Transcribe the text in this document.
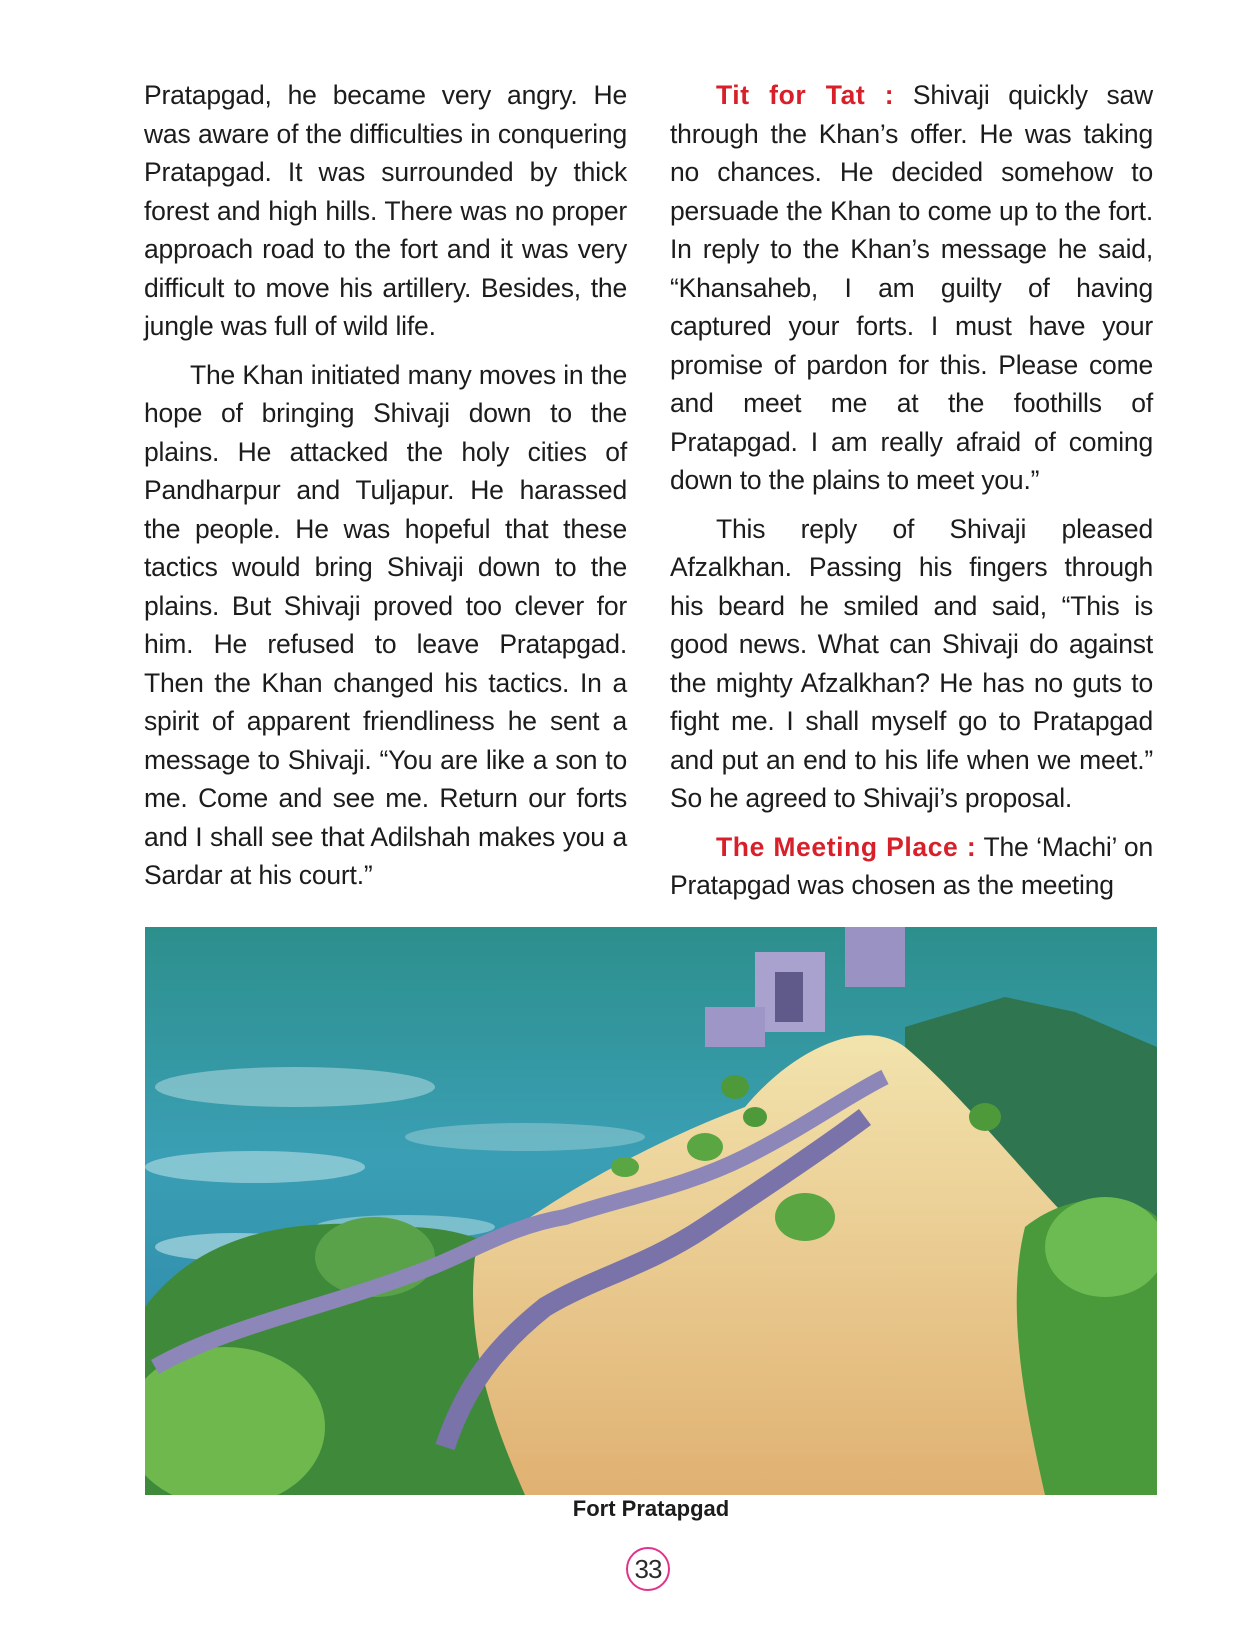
Pratapgad, he became very angry. He was aware of the difficulties in conquering Pratapgad. It was surrounded by thick forest and high hills. There was no proper approach road to the fort and it was very difficult to move his artillery. Besides, the jungle was full of wild life.

The Khan initiated many moves in the hope of bringing Shivaji down to the plains. He attacked the holy cities of Pandharpur and Tuljapur. He harassed the people. He was hopeful that these tactics would bring Shivaji down to the plains. But Shivaji proved too clever for him. He refused to leave Pratapgad. Then the Khan changed his tactics. In a spirit of apparent friendliness he sent a message to Shivaji. “You are like a son to me. Come and see me. Return our forts and I shall see that Adilshah makes you a Sardar at his court.”

Tit for Tat : Shivaji quickly saw through the Khan’s offer. He was taking no chances. He decided somehow to persuade the Khan to come up to the fort. In reply to the Khan’s message he said, “Khansaheb, I am guilty of having captured your forts. I must have your promise of pardon for this. Please come and meet me at the foothills of Pratapgad. I am really afraid of coming down to the plains to meet you.”

This reply of Shivaji pleased Afzalkhan. Passing his fingers through his beard he smiled and said, “This is good news. What can Shivaji do against the mighty Afzalkhan? He has no guts to fight me. I shall myself go to Pratapgad and put an end to his life when we meet.” So he agreed to Shivaji’s proposal.

The Meeting Place : The ‘Machi’ on Pratapgad was chosen as the meeting

Fort Pratapgad
33
